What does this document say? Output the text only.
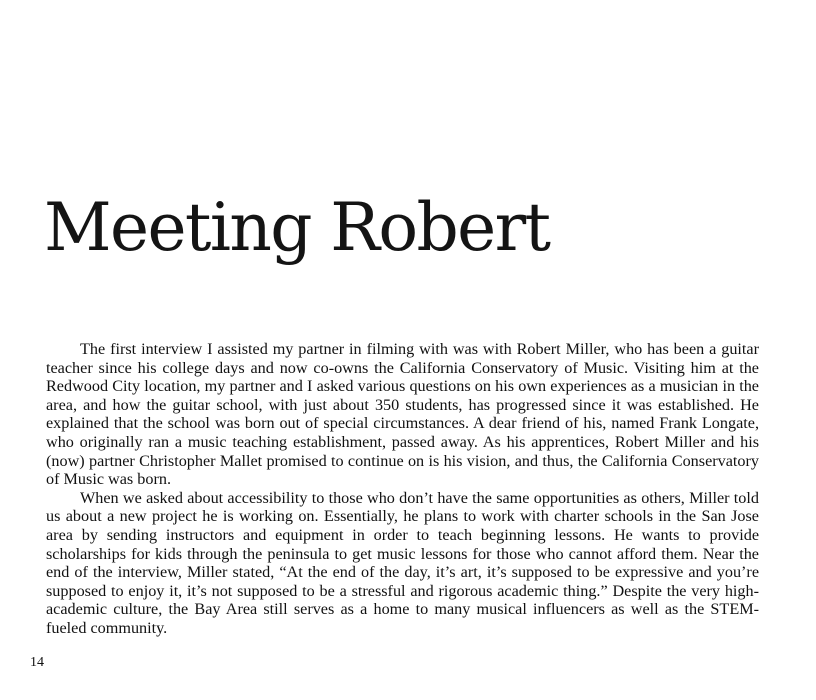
Meeting Robert

The first interview I assisted my partner in filming with was with Robert Miller, who has been a guitar teacher since his college days and now co-owns the California Conservatory of Music. Visiting him at the Redwood City location, my partner and I asked various questions on his own experiences as a musician in the area, and how the guitar school, with just about 350 students, has progressed since it was established. He explained that the school was born out of special circumstances. A dear friend of his, named Frank Longate, who originally ran a music teaching establishment, passed away. As his apprentices, Robert Miller and his (now) partner Christopher Mallet promised to continue on is his vision, and thus, the California Conservatory of Music was born.

When we asked about accessibility to those who don’t have the same opportunities as others, Miller told us about a new project he is working on. Essentially, he plans to work with charter schools in the San Jose area by sending instructors and equipment in order to teach beginning lessons. He wants to provide scholarships for kids through the peninsula to get music lessons for those who cannot afford them. Near the end of the interview, Miller stated, “At the end of the day, it’s art, it’s supposed to be expressive and you’re supposed to enjoy it, it’s not supposed to be a stressful and rigorous academic thing.” Despite the very high-academic culture, the Bay Area still serves as a home to many musical influencers as well as the STEM-fueled community.

14
